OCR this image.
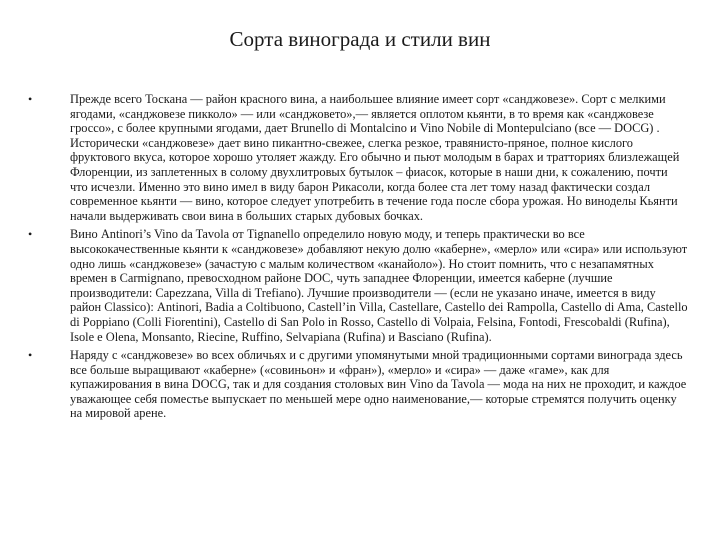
Сорта винограда и стили вин
•	Прежде всего Тоскана — район красного вина, а наибольшее влияние имеет сорт «санджовезе». Сорт с мелкими ягодами, «санджовезе пикколо» — или «санджовето»,— является оплотом кьянти, в то время как «санджовезе гроссо», с более крупными ягодами, дает Brunello di Montalcino и Vino Nobile di Montepulciano (все — DOCG) . Исторически «санджовезе» дает вино пикантно-свежее, слегка резкое, травянисто-пряное, полное кислого фруктового вкуса, которое хорошо утоляет жажду. Его обычно и пьют молодым в барах и тратториях близлежащей Флоренции, из заплетенных в солому двухлитровых бутылок – фиасок, которые в наши дни, к сожалению, почти что исчезли. Именно это вино имел в виду барон Рикасоли, когда более ста лет тому назад фактически создал современное кьянти — вино, которое следует употребить в течение года после сбора урожая. Но виноделы Кьянти начали выдерживать свои вина в больших старых дубовых бочках.
•	Вино Antinori’s Vino da Tavola от Tignanello определило новую моду, и теперь практически во все высококачественные кьянти к «санджовезе» добавляют некую долю «каберне», «мерло» или «сира» или используют одно лишь «санджовезе» (зачастую с малым количеством «канайоло»). Но стоит помнить, что с незапамятных времен в Carmignano, превосходном районе DOC, чуть западнее Флоренции, имеется каберне (лучшие производители: Capezzana, Villa di Trefiano). Лучшие производители — (если не указано иначе, имеется в виду район Classico): Antinori, Badia a Coltibuono, Castell’in Villa, Castellare, Castello dei Rampolla, Castello di Ama, Castello di Poppiano (Colli Fiorentini), Castello di San Polo in Rosso, Castello di Volpaia, Felsina, Fontodi, Frescobaldi (Rufina), Isole e Olena, Monsanto, Riecine, Ruffino, Selvapiana (Rufina) и Basciano (Rufina).
•	Наряду с «санджовезе» во всех обличьях и с другими упомянутыми мной традиционными сортами винограда здесь все больше выращивают «каберне» («совиньон» и «фран»), «мерло» и «сира» — даже «гаме», как для купажирования в вина DOCG, так и для создания столовых вин Vino da Tavola — мода на них не проходит, и каждое уважающее себя поместье выпускает по меньшей мере одно наименование,— которые стремятся получить оценку на мировой арене.
